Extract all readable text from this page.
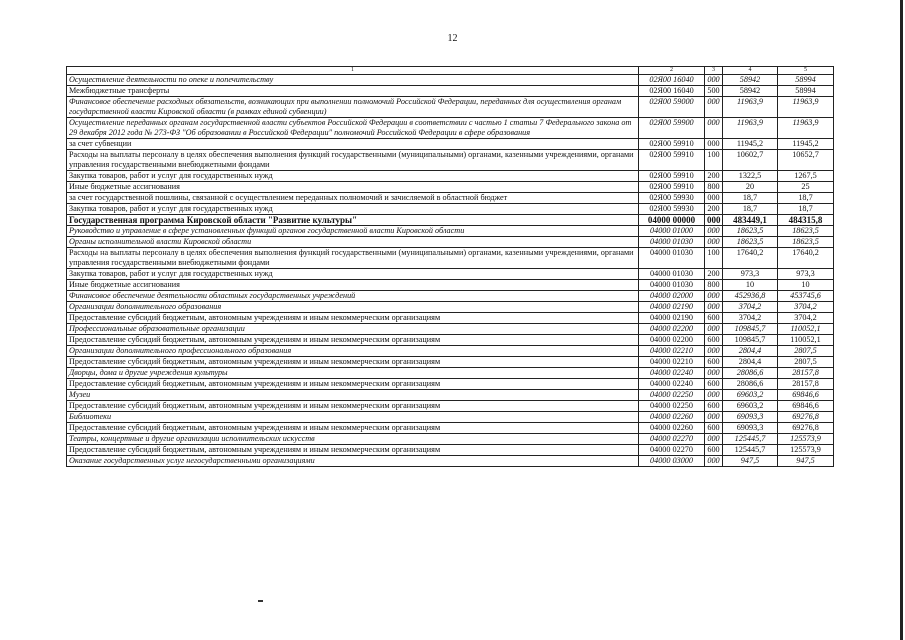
12
1	2	3	4	5
Осуществление деятельности по опеке и попечительству	02Я00 16040	000	58942	58994
Межбюджетные трансферты	02Я00 16040	500	58942	58994
Финансовое обеспечение расходных обязательств, возникающих при выполнении полномочий Российской Федерации, переданных для осуществления органам государственной власти Кировской области (в рамках единой субвенции)	02Я00 59000	000	11963,9	11963,9
Осуществление переданных органам государственной власти субъектов Российской Федерации в соответствии с частью 1 статьи 7 Федерального закона от 29 декабря 2012 года № 273-ФЗ "Об образовании в Российской Федерации" полномочий Российской Федерации в сфере образования	02Я00 59900	000	11963,9	11963,9
за счет субвенции	02Я00 59910	000	11945,2	11945,2
Расходы на выплаты персоналу в целях обеспечения выполнения функций государственными (муниципальными) органами, казенными учреждениями, органами управления государственными внебюджетными фондами	02Я00 59910	100	10602,7	10652,7
Закупка товаров, работ и услуг для государственных нужд	02Я00 59910	200	1322,5	1267,5
Иные бюджетные ассигнования	02Я00 59910	800	20	25
за счет государственной пошлины, связанной с осуществлением переданных полномочий и зачисляемой в областной бюджет	02Я00 59930	000	18,7	18,7
Закупка товаров, работ и услуг для государственных нужд	02Я00 59930	200	18,7	18,7
Государственная программа Кировской области "Развитие культуры"	04000 00000	000	483449,1	484315,8
Руководство и управление в сфере установленных функций органов государственной власти Кировской области	04000 01000	000	18623,5	18623,5
Органы исполнительной власти Кировской области	04000 01030	000	18623,5	18623,5
Расходы на выплаты персоналу в целях обеспечения выполнения функций государственными (муниципальными) органами, казенными учреждениями, органами управления государственными внебюджетными фондами	04000 01030	100	17640,2	17640,2
Закупка товаров, работ и услуг для государственных нужд	04000 01030	200	973,3	973,3
Иные бюджетные ассигнования	04000 01030	800	10	10
Финансовое обеспечение деятельности областных государственных учреждений	04000 02000	000	452936,8	453745,6
Организации дополнительного образования	04000 02190	000	3704,2	3704,2
Предоставление субсидий бюджетным, автономным учреждениям и иным некоммерческим организациям	04000 02190	600	3704,2	3704,2
Профессиональные образовательные организации	04000 02200	000	109845,7	110052,1
Предоставление субсидий бюджетным, автономным учреждениям и иным некоммерческим организациям	04000 02200	600	109845,7	110052,1
Организации дополнительного профессионального образования	04000 02210	000	2804,4	2807,5
Предоставление субсидий бюджетным, автономным учреждениям и иным некоммерческим организациям	04000 02210	600	2804,4	2807,5
Дворцы, дома и другие учреждения культуры	04000 02240	000	28086,6	28157,8
Предоставление субсидий бюджетным, автономным учреждениям и иным некоммерческим организациям	04000 02240	600	28086,6	28157,8
Музеи	04000 02250	000	69603,2	69846,6
Предоставление субсидий бюджетным, автономным учреждениям и иным некоммерческим организациям	04000 02250	600	69603,2	69846,6
Библиотеки	04000 02260	000	69093,3	69276,8
Предоставление субсидий бюджетным, автономным учреждениям и иным некоммерческим организациям	04000 02260	600	69093,3	69276,8
Театры, концертные и другие организации исполнительских искусств	04000 02270	000	125445,7	125573,9
Предоставление субсидий бюджетным, автономным учреждениям и иным некоммерческим организациям	04000 02270	600	125445,7	125573,9
Оказание государственных услуг негосударственными организациями	04000 03000	000	947,5	947,5
